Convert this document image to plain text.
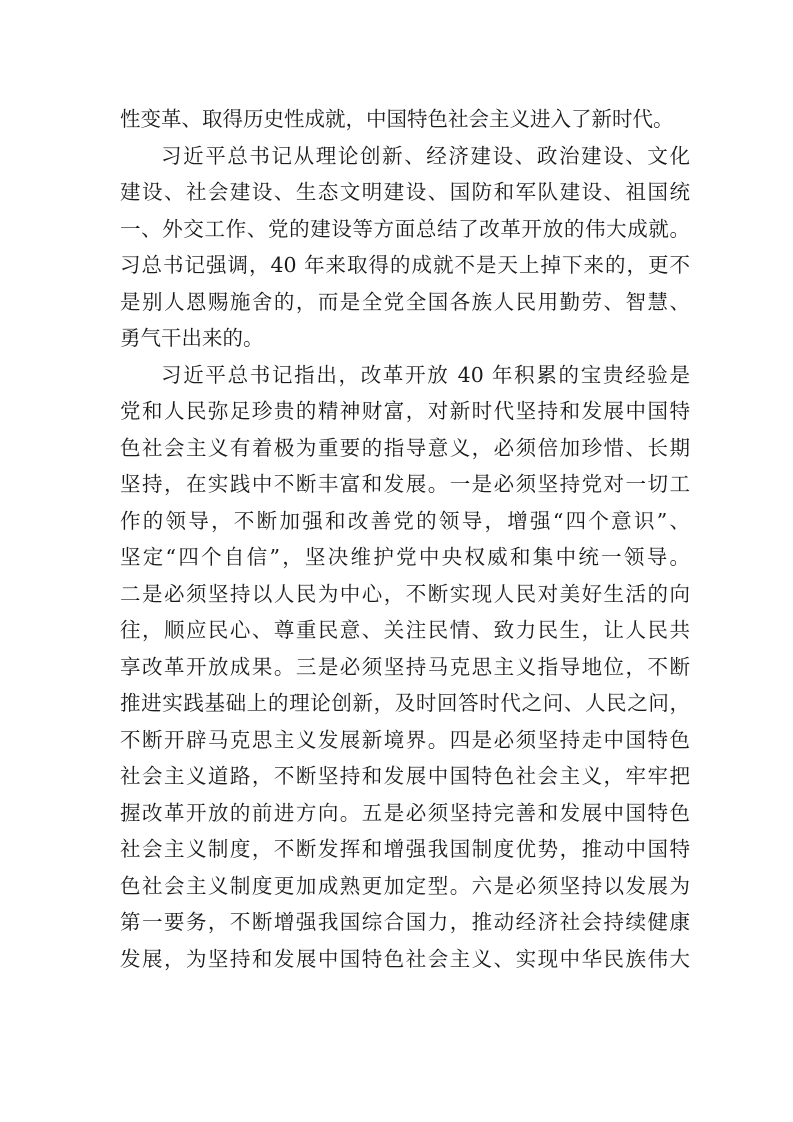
性变革、取得历史性成就，中国特色社会主义进入了新时代。
习近平总书记从理论创新、经济建设、政治建设、文化
建设、社会建设、生态文明建设、国防和军队建设、祖国统
一、外交工作、党的建设等方面总结了改革开放的伟大成就。
习总书记强调，40 年来取得的成就不是天上掉下来的，更不
是别人恩赐施舍的，而是全党全国各族人民用勤劳、智慧、
勇气干出来的。
习近平总书记指出，改革开放 40 年积累的宝贵经验是
党和人民弥足珍贵的精神财富，对新时代坚持和发展中国特
色社会主义有着极为重要的指导意义，必须倍加珍惜、长期
坚持，在实践中不断丰富和发展。一是必须坚持党对一切工
作的领导，不断加强和改善党的领导，增强“四个意识”、
坚定“四个自信”，坚决维护党中央权威和集中统一领导。
二是必须坚持以人民为中心，不断实现人民对美好生活的向
往，顺应民心、尊重民意、关注民情、致力民生，让人民共
享改革开放成果。三是必须坚持马克思主义指导地位，不断
推进实践基础上的理论创新，及时回答时代之问、人民之问，
不断开辟马克思主义发展新境界。四是必须坚持走中国特色
社会主义道路，不断坚持和发展中国特色社会主义，牢牢把
握改革开放的前进方向。五是必须坚持完善和发展中国特色
社会主义制度，不断发挥和增强我国制度优势，推动中国特
色社会主义制度更加成熟更加定型。六是必须坚持以发展为
第一要务，不断增强我国综合国力，推动经济社会持续健康
发展，为坚持和发展中国特色社会主义、实现中华民族伟大
